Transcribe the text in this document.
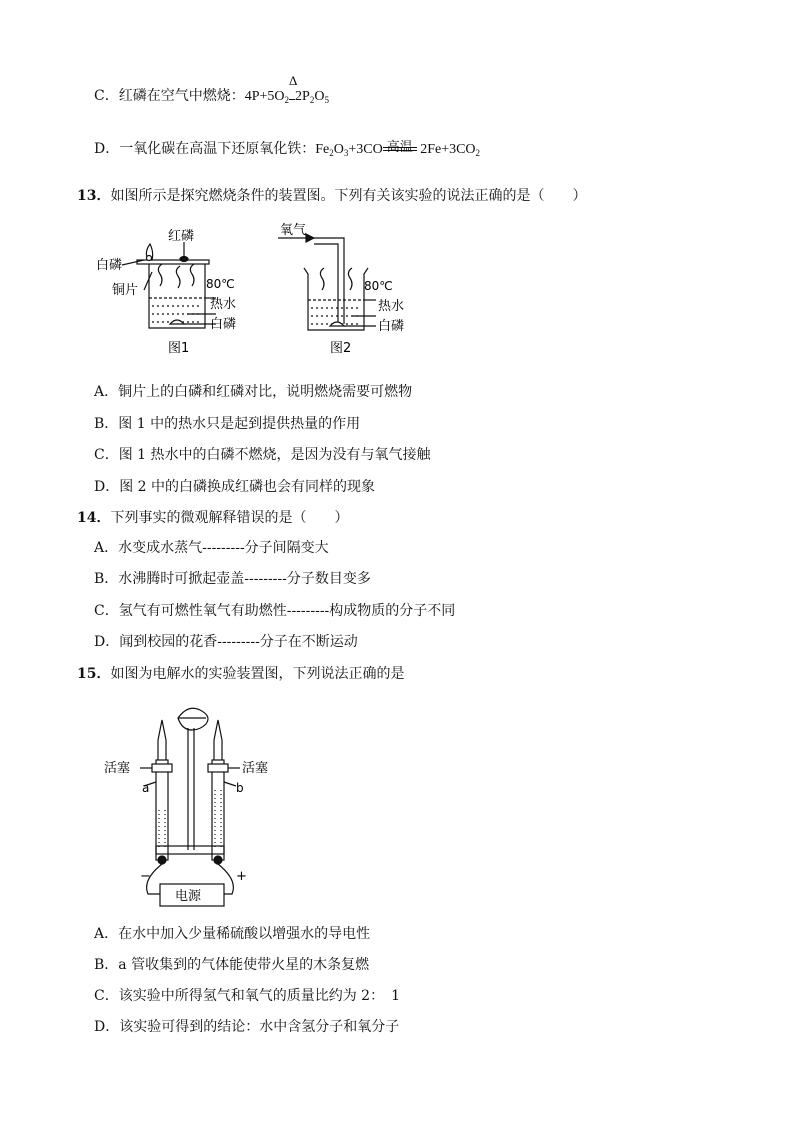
C．红磷在空气中燃烧：$4P+5O_2$
Δ
$2P_2O_5$
D．一氧化碳在高温下还原氧化铁：$Fe_2O_3+3CO$ 高温 $2Fe+3CO_2$
13．如图所示是探究燃烧条件的装置图。下列有关该实验的说法正确的是（　　）
红磷
白磷
铜片	80℃
热水
白磷
图1
氧气
80℃
热水
白磷
图2
A．铜片上的白磷和红磷对比，说明燃烧需要可燃物
B．图 1 中的热水只是起到提供热量的作用
C．图 1 热水中的白磷不燃烧，是因为没有与氧气接触
D．图 2 中的白磷换成红磷也会有同样的现象
14．下列事实的微观解释错误的是（　　）
A．水变成水蒸气---------分子间隔变大
B．水沸腾时可掀起壶盖---------分子数目变多
C．氢气有可燃性氧气有助燃性---------构成物质的分子不同
D．闻到校园的花香---------分子在不断运动
15．如图为电解水的实验装置图，下列说法正确的是
活塞	活塞
a	b
−	+
电源
A．在水中加入少量稀硫酸以增强水的导电性
B．a 管收集到的气体能使带火星的木条复燃
C．该实验中所得氢气和氧气的质量比约为 2：　1
D．该实验可得到的结论：水中含氢分子和氧分子
